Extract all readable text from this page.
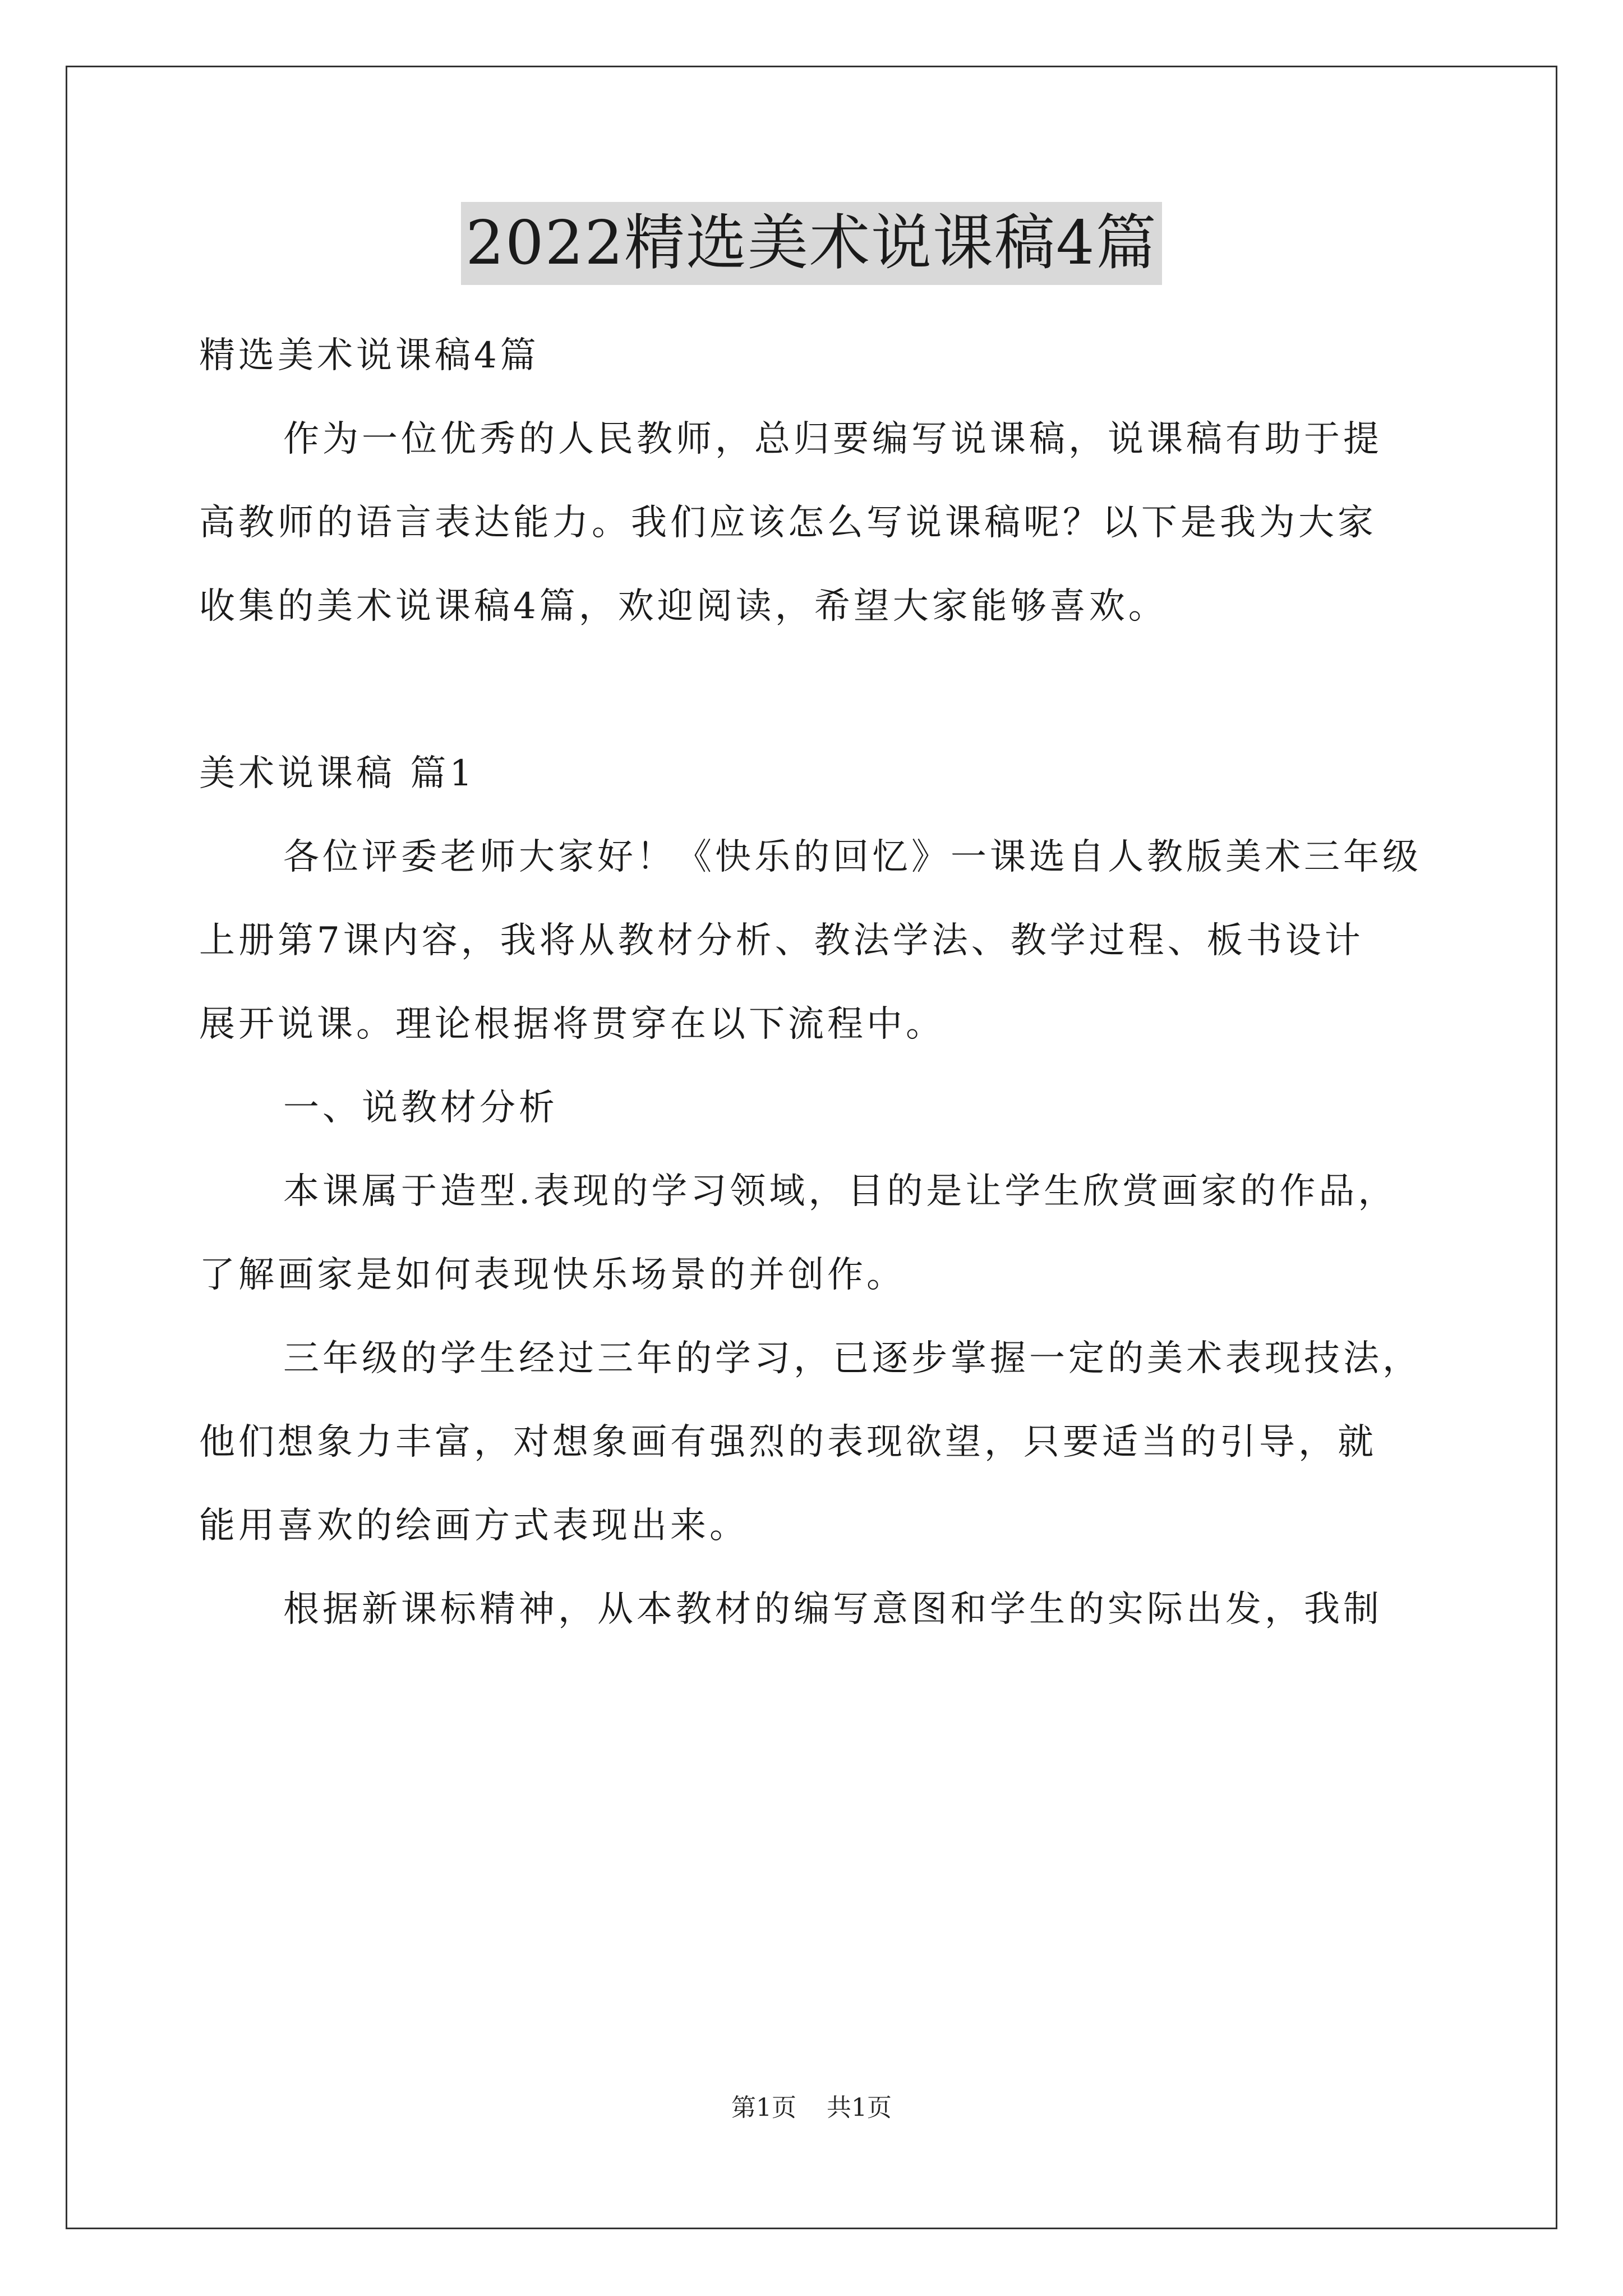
2022精选美术说课稿4篇
精选美术说课稿4篇
作为一位优秀的人民教师，总归要编写说课稿，说课稿有助于提
高教师的语言表达能力。我们应该怎么写说课稿呢？以下是我为大家
收集的美术说课稿4篇，欢迎阅读，希望大家能够喜欢。
美术说课稿 篇1
各位评委老师大家好！《快乐的回忆》一课选自人教版美术三年级
上册第7课内容，我将从教材分析、教法学法、教学过程、板书设计
展开说课。理论根据将贯穿在以下流程中。
一、说教材分析
本课属于造型.表现的学习领域，目的是让学生欣赏画家的作品，
了解画家是如何表现快乐场景的并创作。
三年级的学生经过三年的学习，已逐步掌握一定的美术表现技法，
他们想象力丰富，对想象画有强烈的表现欲望，只要适当的引导，就
能用喜欢的绘画方式表现出来。
根据新课标精神，从本教材的编写意图和学生的实际出发，我制
第1页 共1页
